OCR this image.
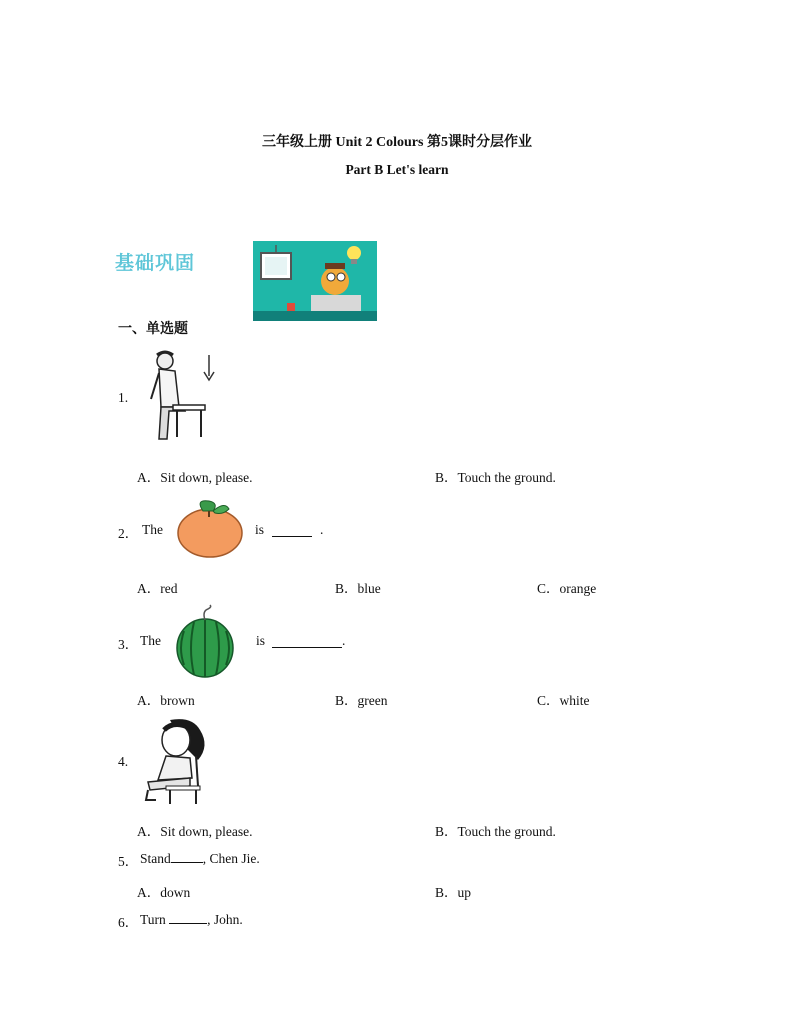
三年级上册 Unit 2 Colours 第5课时分层作业
Part B Let's learn
基础巩固
一、单选题
1.
A．Sit down, please.	B．Touch the ground.
2． The	is	.
A．red	B．blue	C．orange
3． The	is	.
A．brown	B．green	C．white
4.
A．Sit down, please.	B．Touch the ground.
5． Stand , Chen Jie.
A．down	B．up
6． Turn	, John.
